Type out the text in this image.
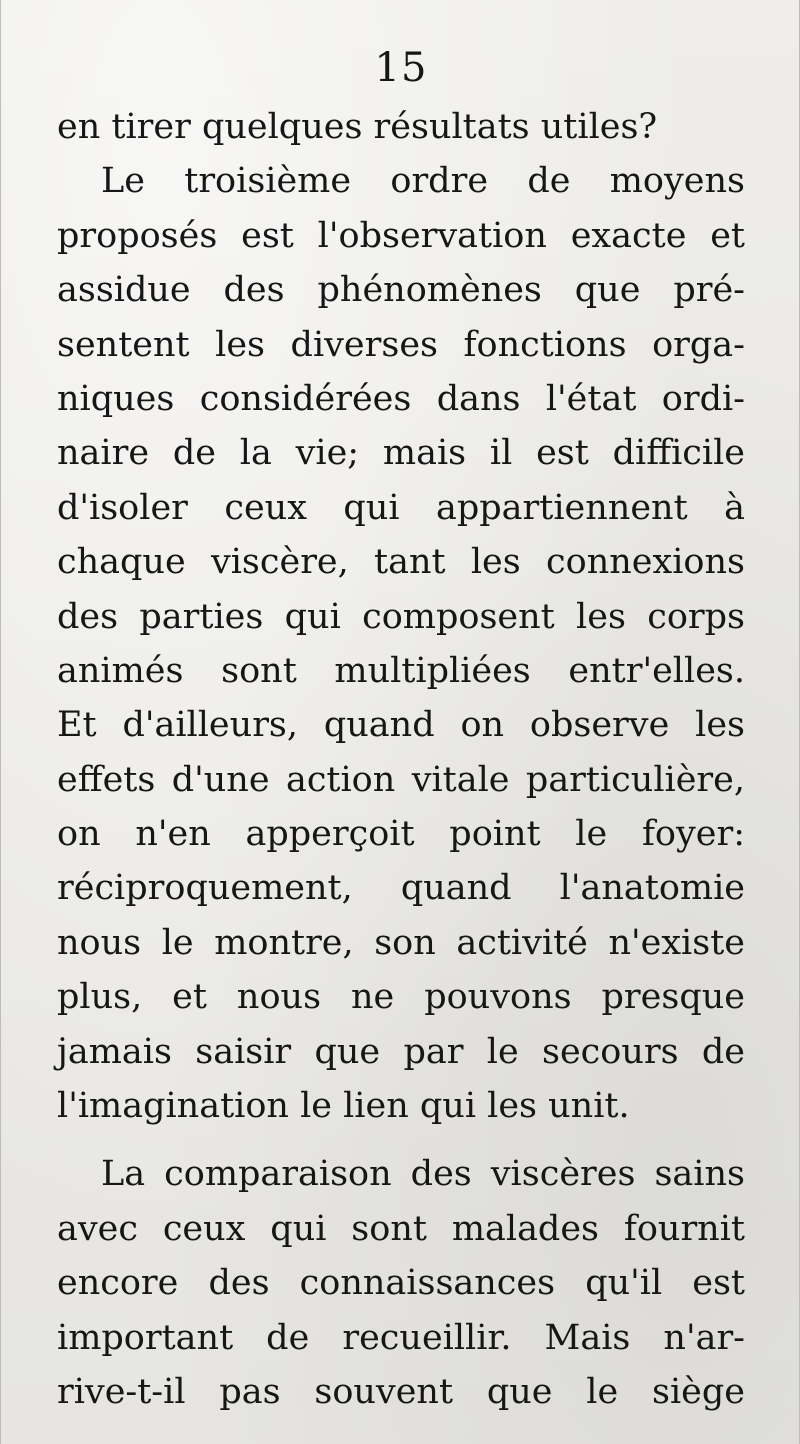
15
en tirer quelques résultats utiles?
Le troisième ordre de moyens
proposés est l'observation exacte et
assidue des phénomènes que pré-
sentent les diverses fonctions orga-
niques considérées dans l'état ordi-
naire de la vie; mais il est difficile
d'isoler ceux qui appartiennent à
chaque viscère, tant les connexions
des parties qui composent les corps
animés sont multipliées entr'elles.
Et d'ailleurs, quand on observe les
effets d'une action vitale particulière,
on n'en apperçoit point le foyer:
réciproquement, quand l'anatomie
nous le montre, son activité n'existe
plus, et nous ne pouvons presque
jamais saisir que par le secours de
l'imagination le lien qui les unit.
La comparaison des viscères sains
avec ceux qui sont malades fournit
encore des connaissances qu'il est
important de recueillir. Mais n'ar-
rive-t-il pas souvent que le siège
